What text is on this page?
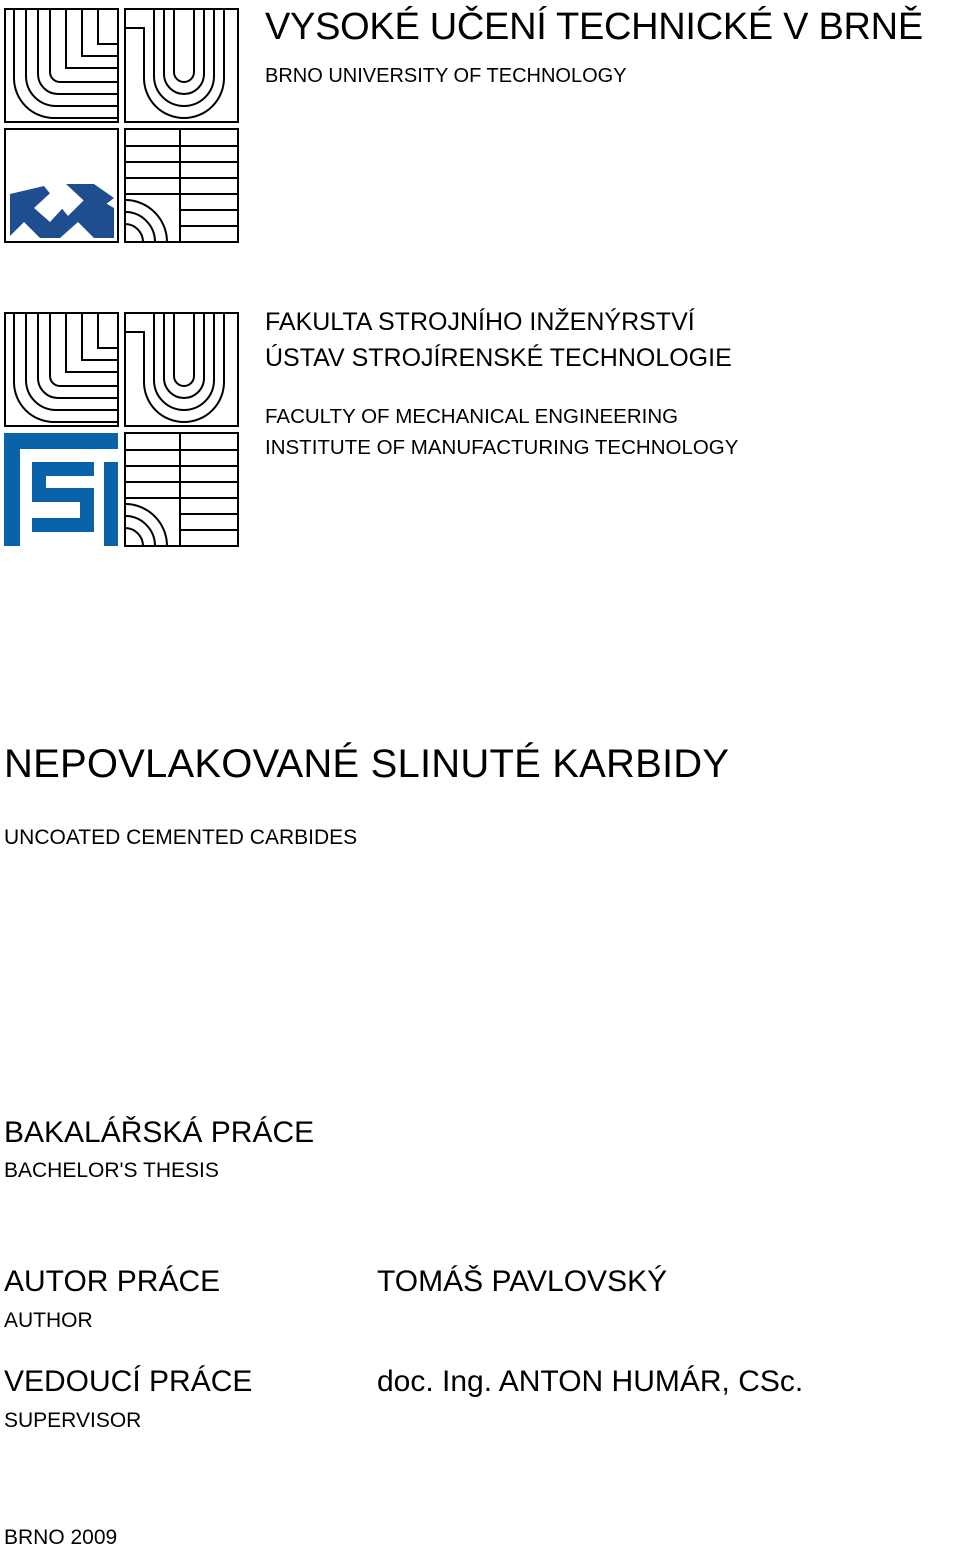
VYSOKÉ UČENÍ TECHNICKÉ V BRNĚ
BRNO UNIVERSITY OF TECHNOLOGY
FAKULTA STROJNÍHO INŽENÝRSTVÍ
ÚSTAV STROJÍRENSKÉ TECHNOLOGIE
FACULTY OF MECHANICAL ENGINEERING
INSTITUTE OF MANUFACTURING TECHNOLOGY
NEPOVLAKOVANÉ SLINUTÉ KARBIDY
UNCOATED CEMENTED CARBIDES
BAKALÁŘSKÁ PRÁCE
BACHELOR'S THESIS
AUTOR PRÁCE
AUTHOR
TOMÁŠ PAVLOVSKÝ
VEDOUCÍ PRÁCE
SUPERVISOR
doc. Ing. ANTON HUMÁR, CSc.
BRNO 2009
